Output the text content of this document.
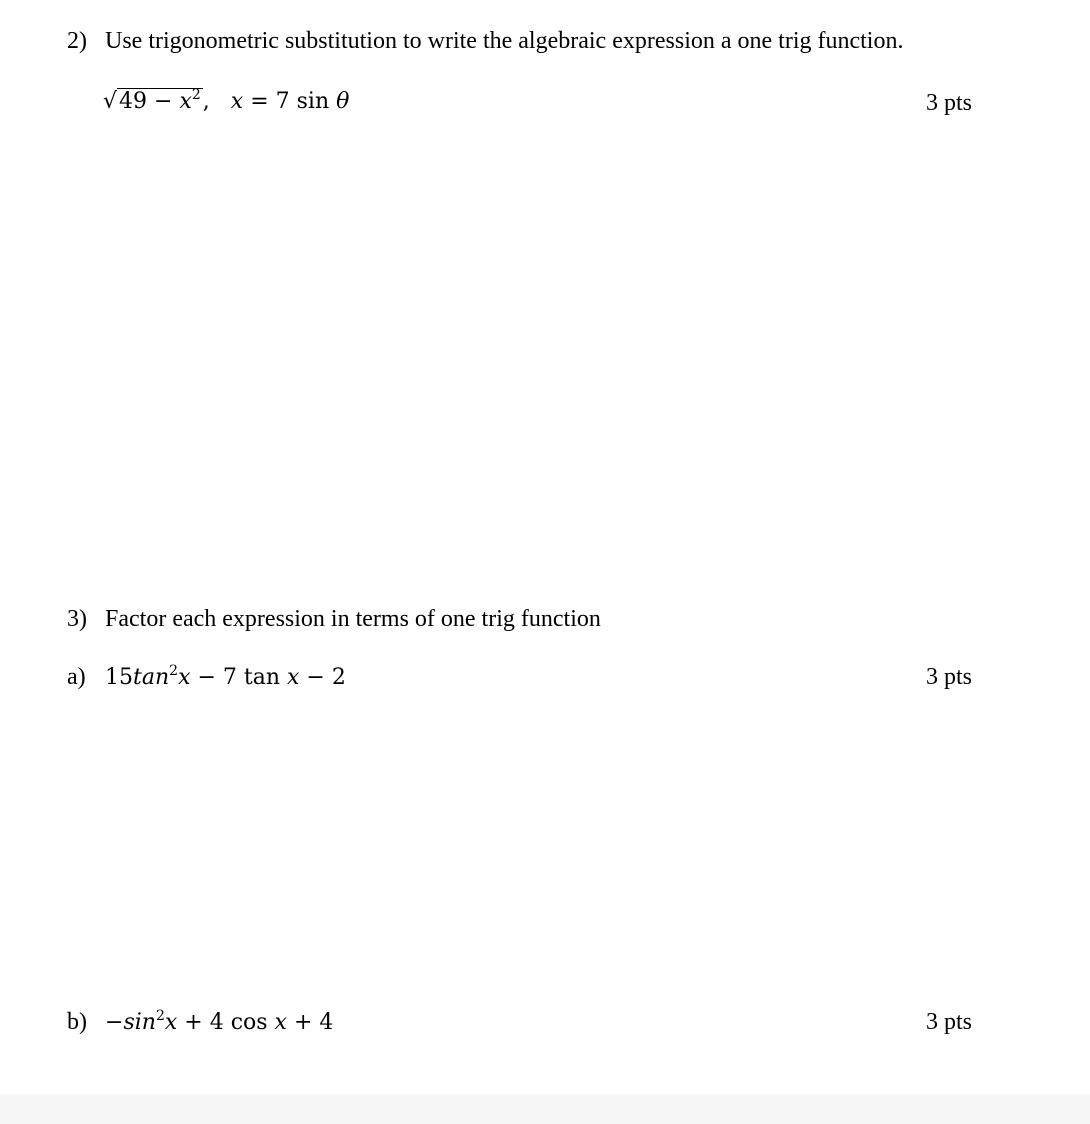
2) Use trigonometric substitution to write the algebraic expression a one trig function.
$√49 - x^2$, x = 7 sin θ	3 pts
3) Factor each expression in terms of one trig function
a) $15\tan^2x - 7$ tan x − 2	3 pts
$b) -\sin^2x + 4$ cos x + 4	3 pts
